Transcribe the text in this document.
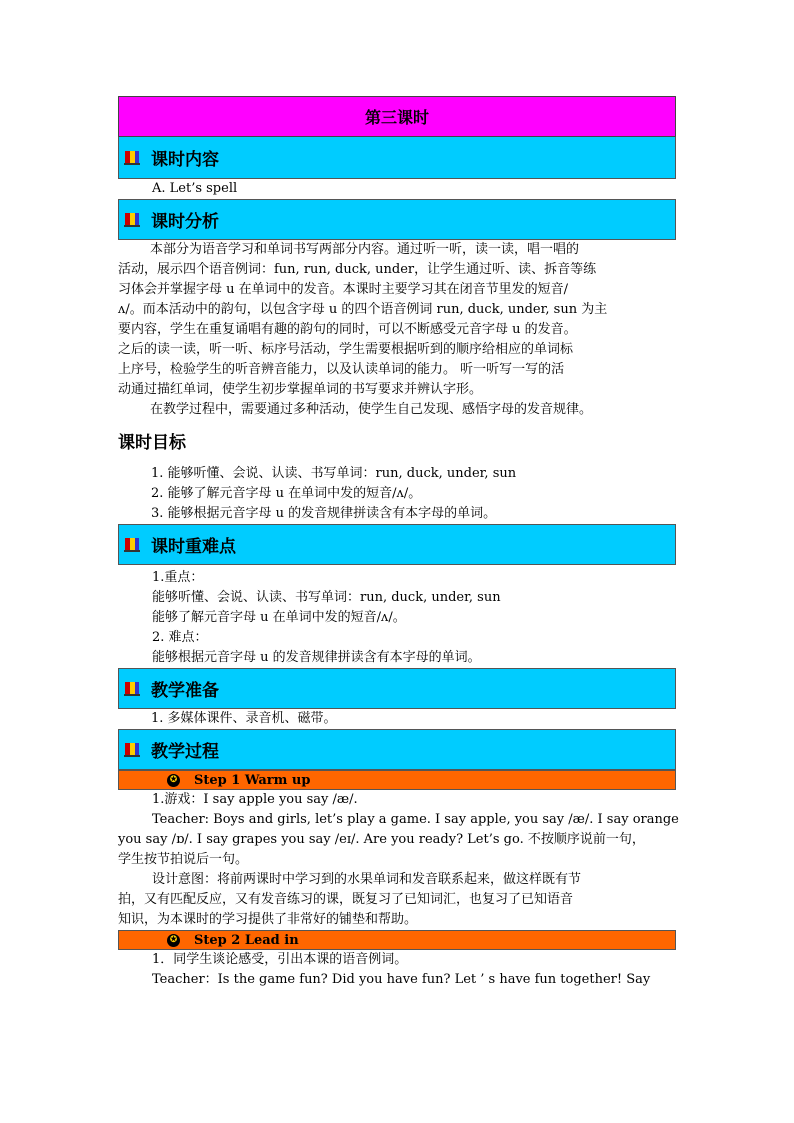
第三课时
课时内容
A. Let’s spell
课时分析
本部分为语音学习和单词书写两部分内容。通过听一听，读一读，唱一唱的
活动，展示四个语音例词：fun, run, duck, under，让学生通过听、读、拆音等练
习体会并掌握字母 u 在单词中的发音。本课时主要学习其在闭音节里发的短音/
ʌ/。而本活动中的韵句，以包含字母 u 的四个语音例词 run, duck, under, sun 为主
要内容，学生在重复诵唱有趣的韵句的同时，可以不断感受元音字母 u 的发音。
之后的读一读，听一听、标序号活动，学生需要根据听到的顺序给相应的单词标
上序号，检验学生的听音辨音能力，以及认读单词的能力。 听一听写一写的活
动通过描红单词，使学生初步掌握单词的书写要求并辨认字形。
在教学过程中，需要通过多种活动，使学生自己发现、感悟字母的发音规律。
课时目标
1. 能够听懂、会说、认读、书写单词：run, duck, under, sun
2. 能够了解元音字母 u 在单词中发的短音/ʌ/。
3. 能够根据元音字母 u 的发音规律拼读含有本字母的单词。
课时重难点
1.重点：
能够听懂、会说、认读、书写单词：run, duck, under, sun
能够了解元音字母 u 在单词中发的短音/ʌ/。
2. 难点：
能够根据元音字母 u 的发音规律拼读含有本字母的单词。
教学准备
1. 多媒体课件、录音机、磁带。
教学过程
✪ Step 1 Warm up
1.游戏：I say apple you say /æ/.
Teacher: Boys and girls, let’s play a game. I say apple, you say /æ/. I say orange
you say /ɒ/. I say grapes you say /eɪ/. Are you ready? Let’s go. 不按顺序说前一句，
学生按节拍说后一句。
设计意图：将前两课时中学习到的水果单词和发音联系起来，做这样既有节
拍，又有匹配反应，又有发音练习的课，既复习了已知词汇，也复习了已知语音
知识，为本课时的学习提供了非常好的铺垫和帮助。
✪ Step 2 Lead in
1．同学生谈论感受，引出本课的语音例词。
Teacher：Is the game fun? Did you have fun? Let ’ s have fun together! Say
